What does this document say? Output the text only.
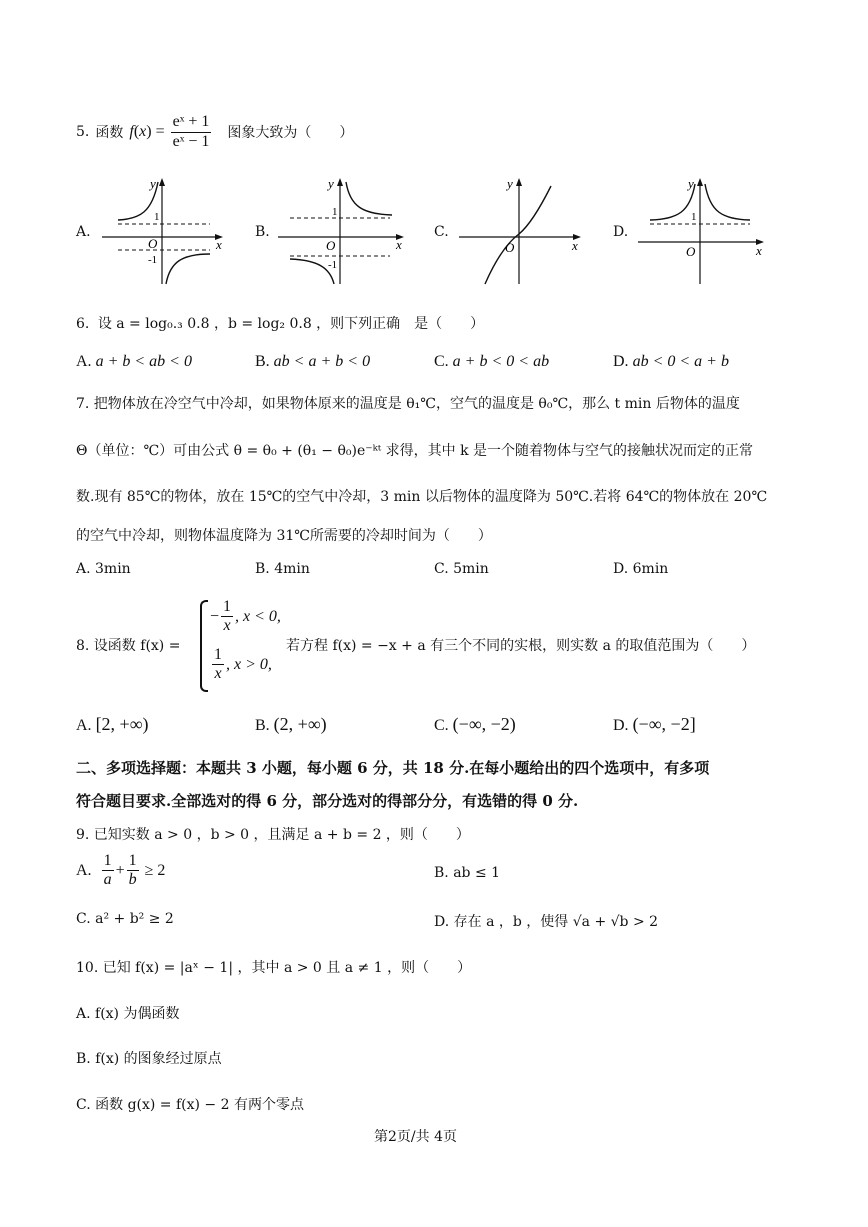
5. 函数 f ( x ) = $\frac{\text{eˣ + 1}}{\text{eˣ − 1}}$ 图象大致为（　　）
A.
y
x
O
1
-1
B.
y
x
O
1
-1
C.
y
x
O
D.
y
x
O
1
6. 设 a = log₀.₃ 0.8 ，b = log₂ 0.8 ，则下列正确　是（　　）
A. a + b < ab < 0	B. ab < a + b < 0	C. a + b < 0 < ab	D. ab < 0 < a + b
7. 把物体放在冷空气中冷却，如果物体原来的温度是 θ₁℃，空气的温度是 θ₀℃，那么 t min 后物体的温度
Θ（单位：℃）可由公式 θ = θ₀ + (θ₁ − θ₀)e⁻ᵏᵗ 求得，其中 k 是一个随着物体与空气的接触状况而定的正常
数.现有 85℃的物体，放在 15℃的空气中冷却，3 min 以后物体的温度降为 50℃.若将 64℃的物体放在 20℃
的空气中冷却，则物体温度降为 31℃所需要的冷却时间为（　　）
A. 3min	B. 4min	C. 5min	D. 6min
8. 设函数 f(x) =
− $\frac{1}{x}$ , x < 0,
$\frac{1}{x}$ , x > 0,
若方程 f(x) = −x + a 有三个不同的实根，则实数 a 的取值范围为（　　）
A. [2, +∞)	B. (2, +∞)	C. (−∞, −2)	D. (−∞, −2]
二、多项选择题：本题共 3 小题，每小题 6 分，共 18 分.在每小题给出的四个选项中，有多项
符合题目要求.全部选对的得 6 分，部分选对的得部分分，有选错的得 0 分.
9. 已知实数 a > 0 ，b > 0 ，且满足 a + b = 2 ，则（　　）
A. $\frac{1}{a} + \frac{1}{b} \ge 2$	B. ab ≤ 1
C. a² + b² ≥ 2	D. 存在 a ，b ，使得 √a + √b > 2
10. 已知 f(x) = |aˣ − 1| ，其中 a > 0 且 a ≠ 1 ，则（　　）
A. f(x) 为偶函数
B. f(x) 的图象经过原点
C. 函数 g(x) = f(x) − 2 有两个零点
第2页/共 4页
